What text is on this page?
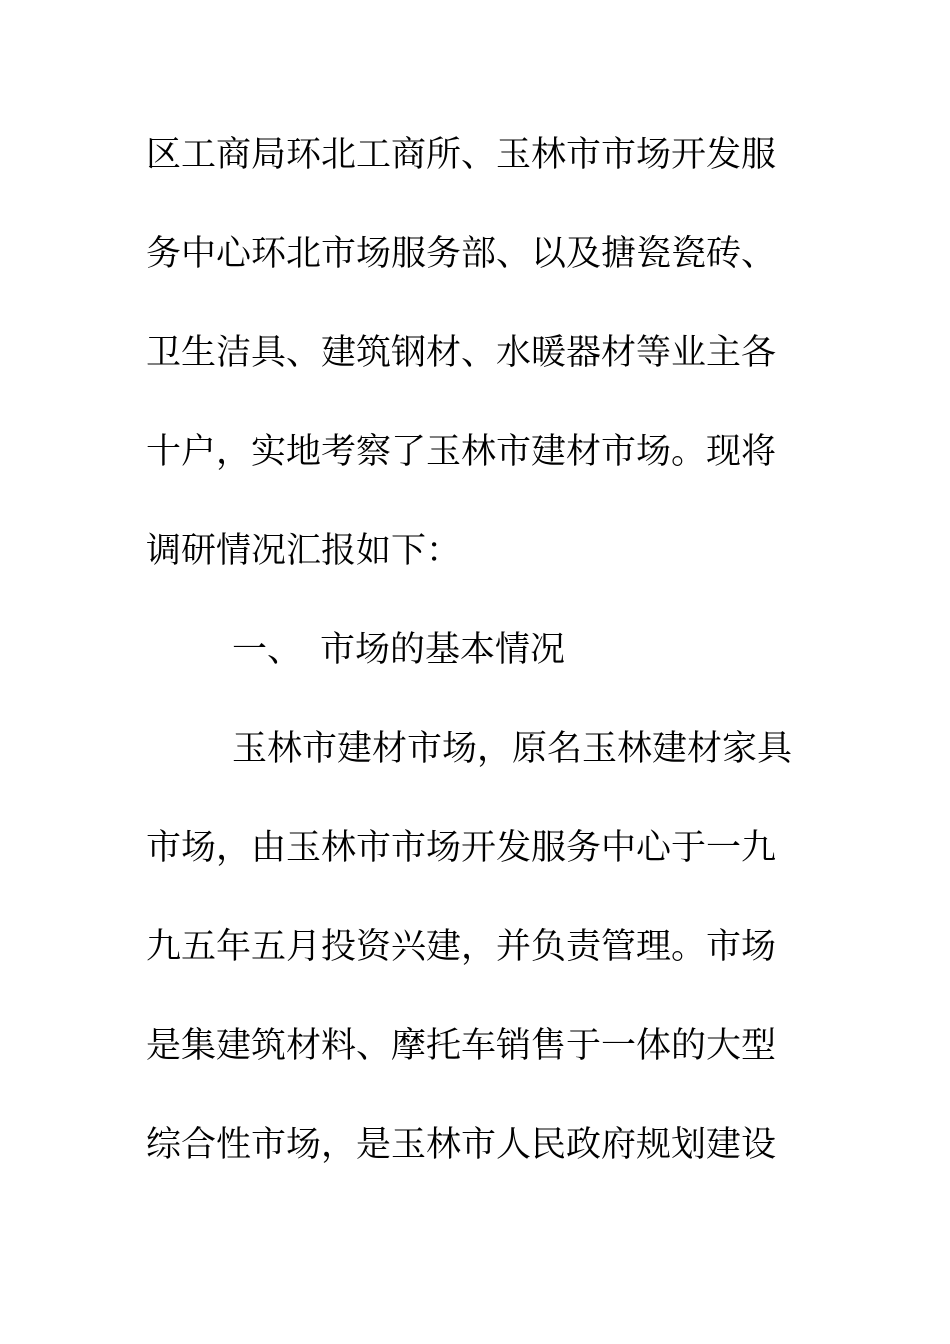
区工商局环北工商所、玉林市市场开发服
务中心环北市场服务部、以及搪瓷瓷砖、
卫生洁具、建筑钢材、水暖器材等业主各
十户，实地考察了玉林市建材市场。现将
调研情况汇报如下：
一、 市场的基本情况
玉林市建材市场，原名玉林建材家具
市场，由玉林市市场开发服务中心于一九
九五年五月投资兴建，并负责管理。市场
是集建筑材料、摩托车销售于一体的大型
综合性市场，是玉林市人民政府规划建设
